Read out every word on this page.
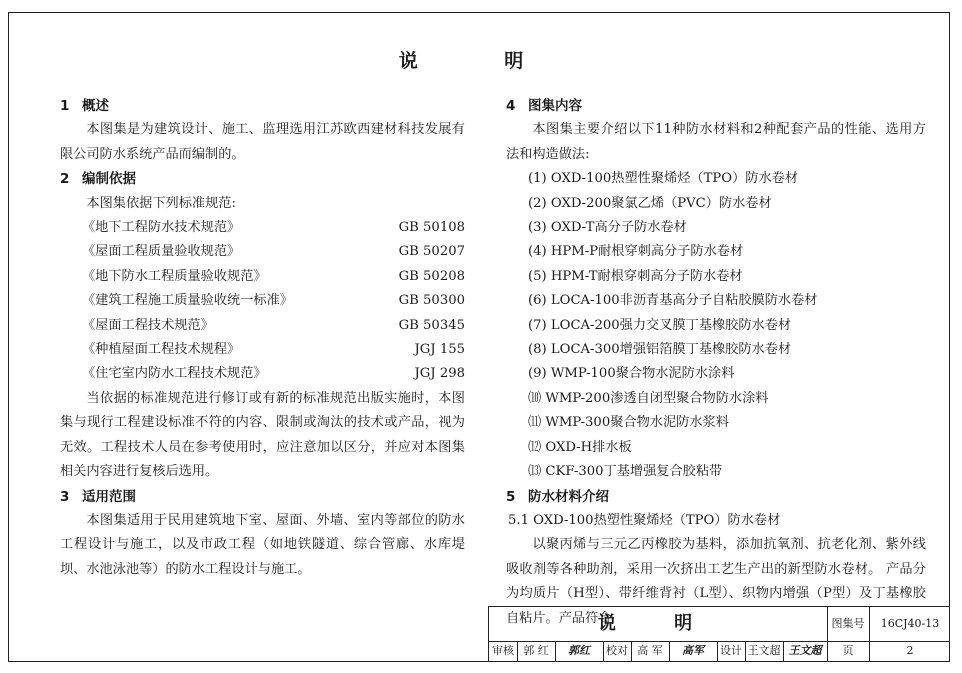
说 明
1 概述
本图集是为建筑设计、施工、监理选用江苏欧西建材科技发展有限公司防水系统产品而编制的。
2 编制依据
本图集依据下列标准规范:
《地下工程防水技术规范》	GB 50108
《屋面工程质量验收规范》	GB 50207
《地下防水工程质量验收规范》	GB 50208
《建筑工程施工质量验收统一标准》	GB 50300
《屋面工程技术规范》	GB 50345
《种植屋面工程技术规程》	JGJ 155
《住宅室内防水工程技术规范》	JGJ 298
当依据的标准规范进行修订或有新的标准规范出版实施时，本图集与现行工程建设标准不符的内容、限制或淘汰的技术或产品，视为无效。工程技术人员在参考使用时，应注意加以区分，并应对本图集相关内容进行复核后选用。
3 适用范围
本图集适用于民用建筑地下室、屋面、外墙、室内等部位的防水工程设计与施工，以及市政工程（如地铁隧道、综合管廊、水库堤坝、水池泳池等）的防水工程设计与施工。
4 图集内容
本图集主要介绍以下11种防水材料和2种配套产品的性能、选用方法和构造做法:
(1) OXD-100热塑性聚烯烃（TPO）防水卷材
(2) OXD-200聚氯乙烯（PVC）防水卷材
(3) OXD-T高分子防水卷材
(4) HPM-P耐根穿刺高分子防水卷材
(5) HPM-T耐根穿刺高分子防水卷材
(6) LOCA-100非沥青基高分子自粘胶膜防水卷材
(7) LOCA-200强力交叉膜丁基橡胶防水卷材
(8) LOCA-300增强铝箔膜丁基橡胶防水卷材
(9) WMP-100聚合物水泥防水涂料
⑽ WMP-200渗透自闭型聚合物防水涂料
⑾ WMP-300聚合物水泥防水浆料
⑿ OXD-H排水板
⒀ CKF-300丁基增强复合胶粘带
5 防水材料介绍
5.1 OXD-100热塑性聚烯烃（TPO）防水卷材
以聚丙烯与三元乙丙橡胶为基料，添加抗氧剂、抗老化剂、紫外线吸收剂等各种助剂，采用一次挤出工艺生产出的新型防水卷材。 产品分为均质片（H型）、带纤维背衬（L型）、织物内增强（P型）及丁基橡胶自粘片。产品符合
说 明	图集号	16CJ40-13
审核 郭 红	郭红	校对 高 军	高军	设计 王文超 王文超	页	2
